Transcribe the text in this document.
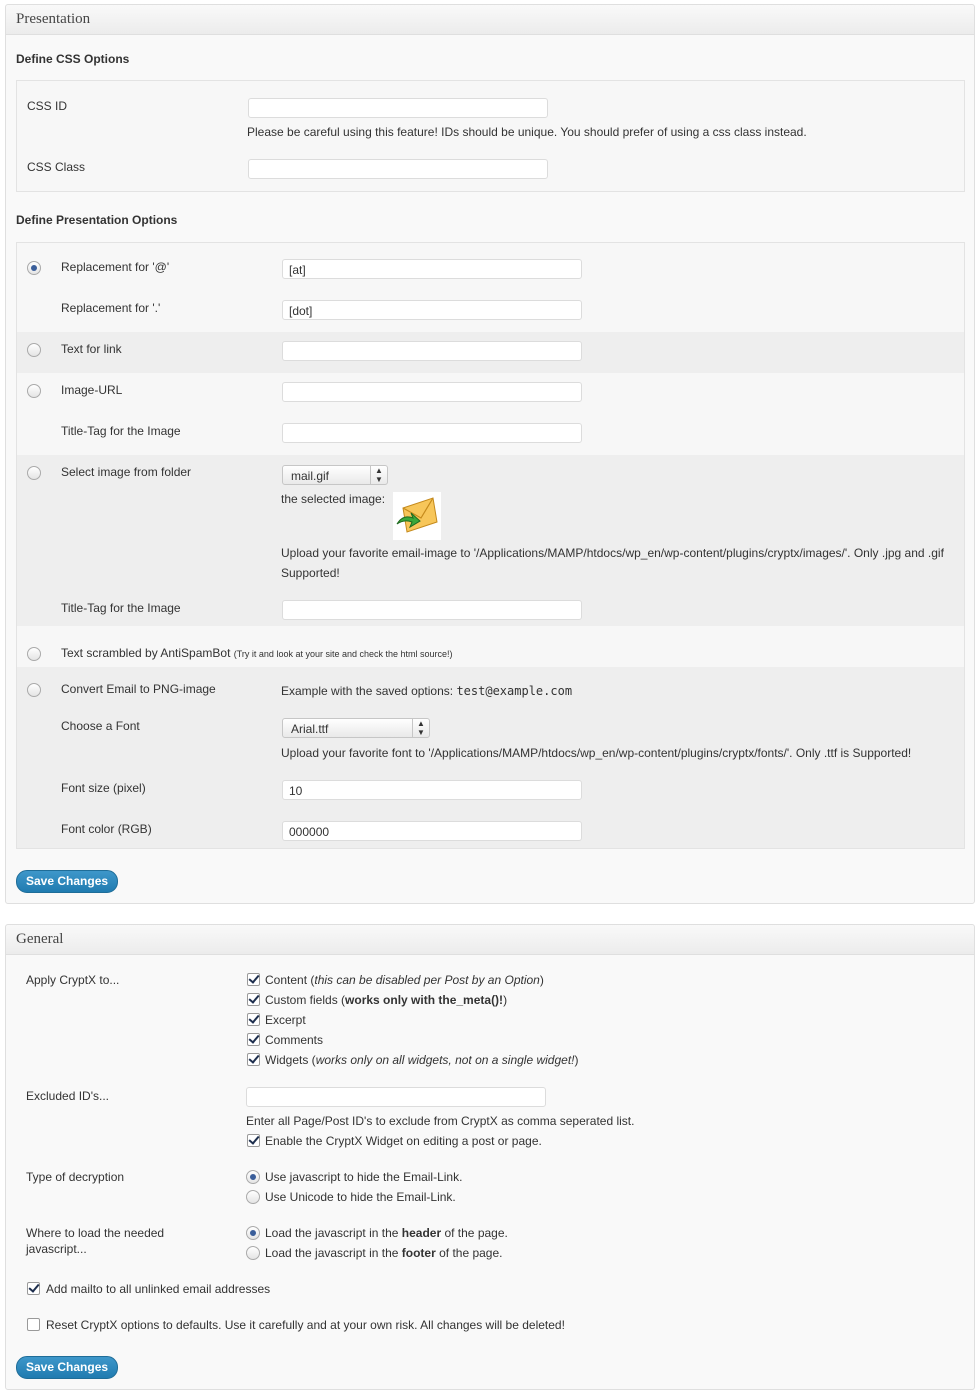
Presentation
Define CSS Options
CSS ID
Please be careful using this feature! IDs should be unique. You should prefer of using a css class instead.
CSS Class
Define Presentation Options
Replacement for '@'	[at]
Replacement for '.'	[dot]
Text for link
Image-URL
Title-Tag for the Image
Select image from folder	mail.gif	▲
▼
the selected image:
Upload your favorite email-image to '/Applications/MAMP/htdocs/wp_en/wp-content/plugins/cryptx/images/'. Only .jpg and .gif
Supported!
Title-Tag for the Image
Text scrambled by AntiSpamBot (Try it and look at your site and check the html source!)
Convert Email to PNG-image	Example with the saved options: test@example.com
Choose a Font	Arial.ttf	▲
▼
Upload your favorite font to '/Applications/MAMP/htdocs/wp_en/wp-content/plugins/cryptx/fonts/'. Only .ttf is Supported!
Font size (pixel)	10
Font color (RGB)	000000
Save Changes
General
Apply CryptX to...	Content (this can be disabled per Post by an Option)
Custom fields (works only with the_meta()!)
Excerpt
Comments
Widgets (works only on all widgets, not on a single widget!)
Excluded ID's...
Enter all Page/Post ID's to exclude from CryptX as comma seperated list.
Enable the CryptX Widget on editing a post or page.
Type of decryption	Use javascript to hide the Email-Link.
Use Unicode to hide the Email-Link.
Where to load the needed
javascript...
Load the javascript in the header of the page.
Load the javascript in the footer of the page.
Add mailto to all unlinked email addresses
Reset CryptX options to defaults. Use it carefully and at your own risk. All changes will be deleted!
Save Changes
